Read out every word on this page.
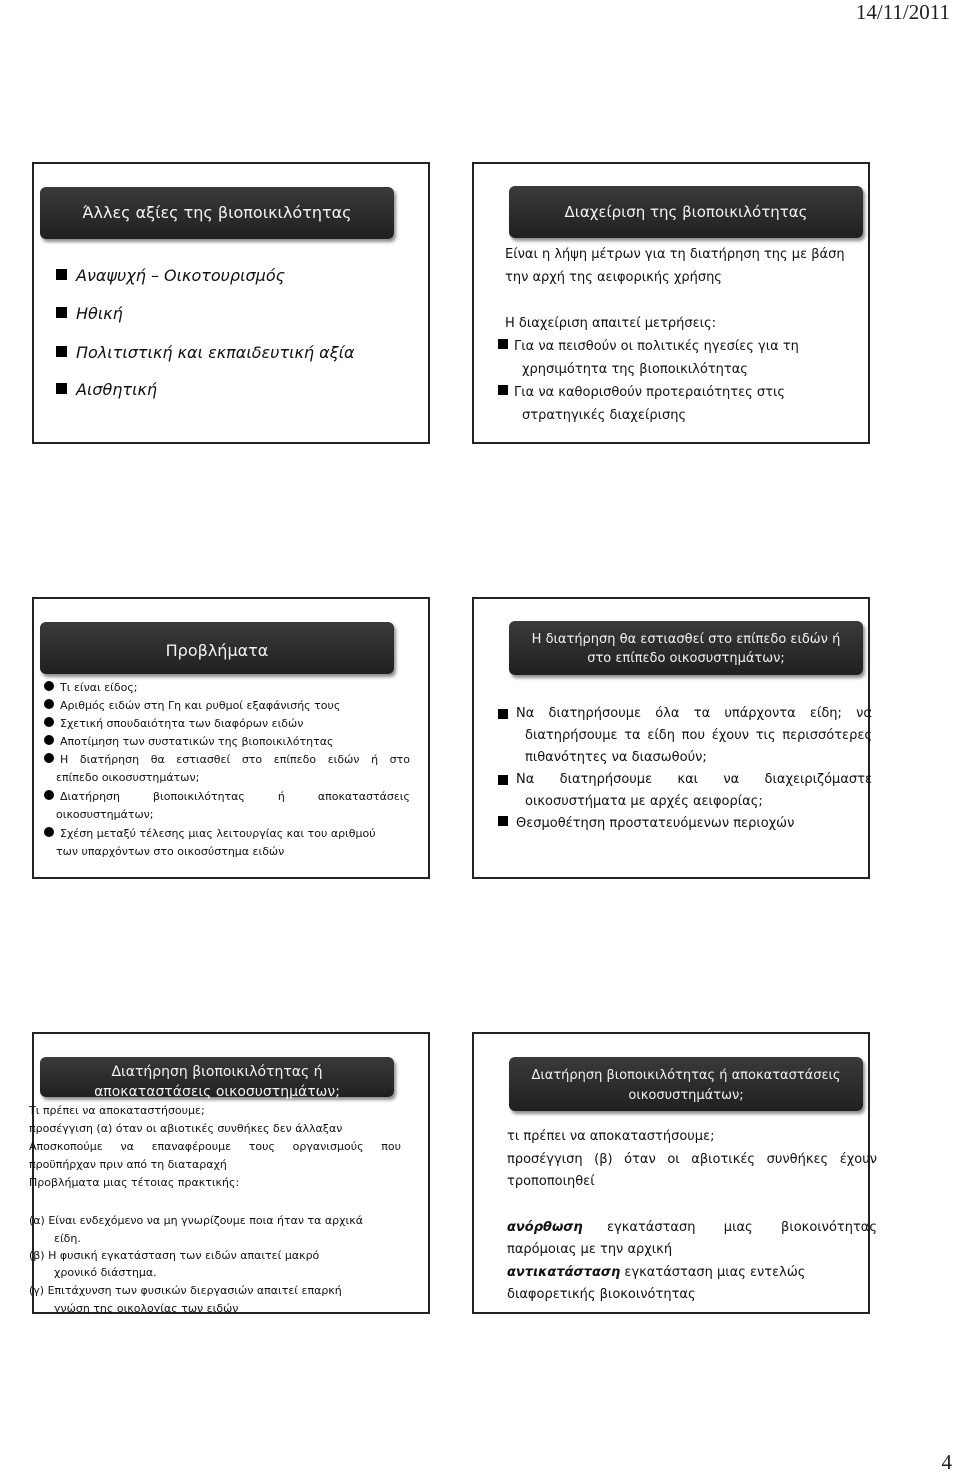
14/11/2011
Άλλες αξίες της βιοποικιλότητας
Αναψυχή – Οικοτουρισμός
Ηθική
Πολιτιστική και εκπαιδευτική αξία
Αισθητική
Διαχείριση της βιοποικιλότητας
Είναι η λήψη μέτρων για τη διατήρηση της με βάση
την αρχή της αειφορικής χρήσης
Η διαχείριση απαιτεί μετρήσεις:
Για να πεισθούν οι πολιτικές ηγεσίες για τη
χρησιμότητα της βιοποικιλότητας
Για να καθορισθούν προτεραιότητες στις
στρατηγικές διαχείρισης
Προβλήματα
Τι είναι είδος;
Αριθμός ειδών στη Γη και ρυθμοί εξαφάνισής τους
Σχετική σπουδαιότητα των διαφόρων ειδών
Αποτίμηση των συστατικών της βιοποικιλότητας
Η διατήρηση θα εστιασθεί στο επίπεδο ειδών ή στο
επίπεδο οικοσυστημάτων;
Διατήρηση βιοποικιλότητας ή αποκαταστάσεις
οικοσυστημάτων;
Σχέση μεταξύ τέλεσης μιας λειτουργίας και του αριθμού
των υπαρχόντων στο οικοσύστημα ειδών
Η διατήρηση θα εστιασθεί στο επίπεδο ειδών ή
στο επίπεδο οικοσυστημάτων;
Να διατηρήσουμε όλα τα υπάρχοντα είδη; να
διατηρήσουμε τα είδη που έχουν τις περισσότερες
πιθανότητες να διασωθούν;
Να διατηρήσουμε και να διαχειριζόμαστε
οικοσυστήματα με αρχές αειφορίας;
Θεσμοθέτηση προστατευόμενων περιοχών
Διατήρηση βιοποικιλότητας ή
αποκαταστάσεις οικοσυστημάτων;
Τι πρέπει να αποκαταστήσουμε;
προσέγγιση (α) όταν οι αβιοτικές συνθήκες δεν άλλαξαν
Αποσκοπούμε να επαναφέρουμε τους οργανισμούς που
προϋπήρχαν πριν από τη διαταραχή
Προβλήματα μιας τέτοιας πρακτικής:
(α) Είναι ενδεχόμενο να μη γνωρίζουμε ποια ήταν τα αρχικά
είδη.
(β) Η φυσική εγκατάσταση των ειδών απαιτεί μακρό
χρονικό διάστημα.
(γ) Επιτάχυνση των φυσικών διεργασιών απαιτεί επαρκή
γνώση της οικολογίας των ειδών
Διατήρηση βιοποικιλότητας ή αποκαταστάσεις
οικοσυστημάτων;
τι πρέπει να αποκαταστήσουμε;
προσέγγιση (β) όταν οι αβιοτικές συνθήκες έχουν
τροποποιηθεί
ανόρθωση εγκατάσταση μιας βιοκοινότητας
παρόμοιας με την αρχική
αντικατάσταση εγκατάσταση μιας εντελώς
διαφορετικής βιοκοινότητας
4
